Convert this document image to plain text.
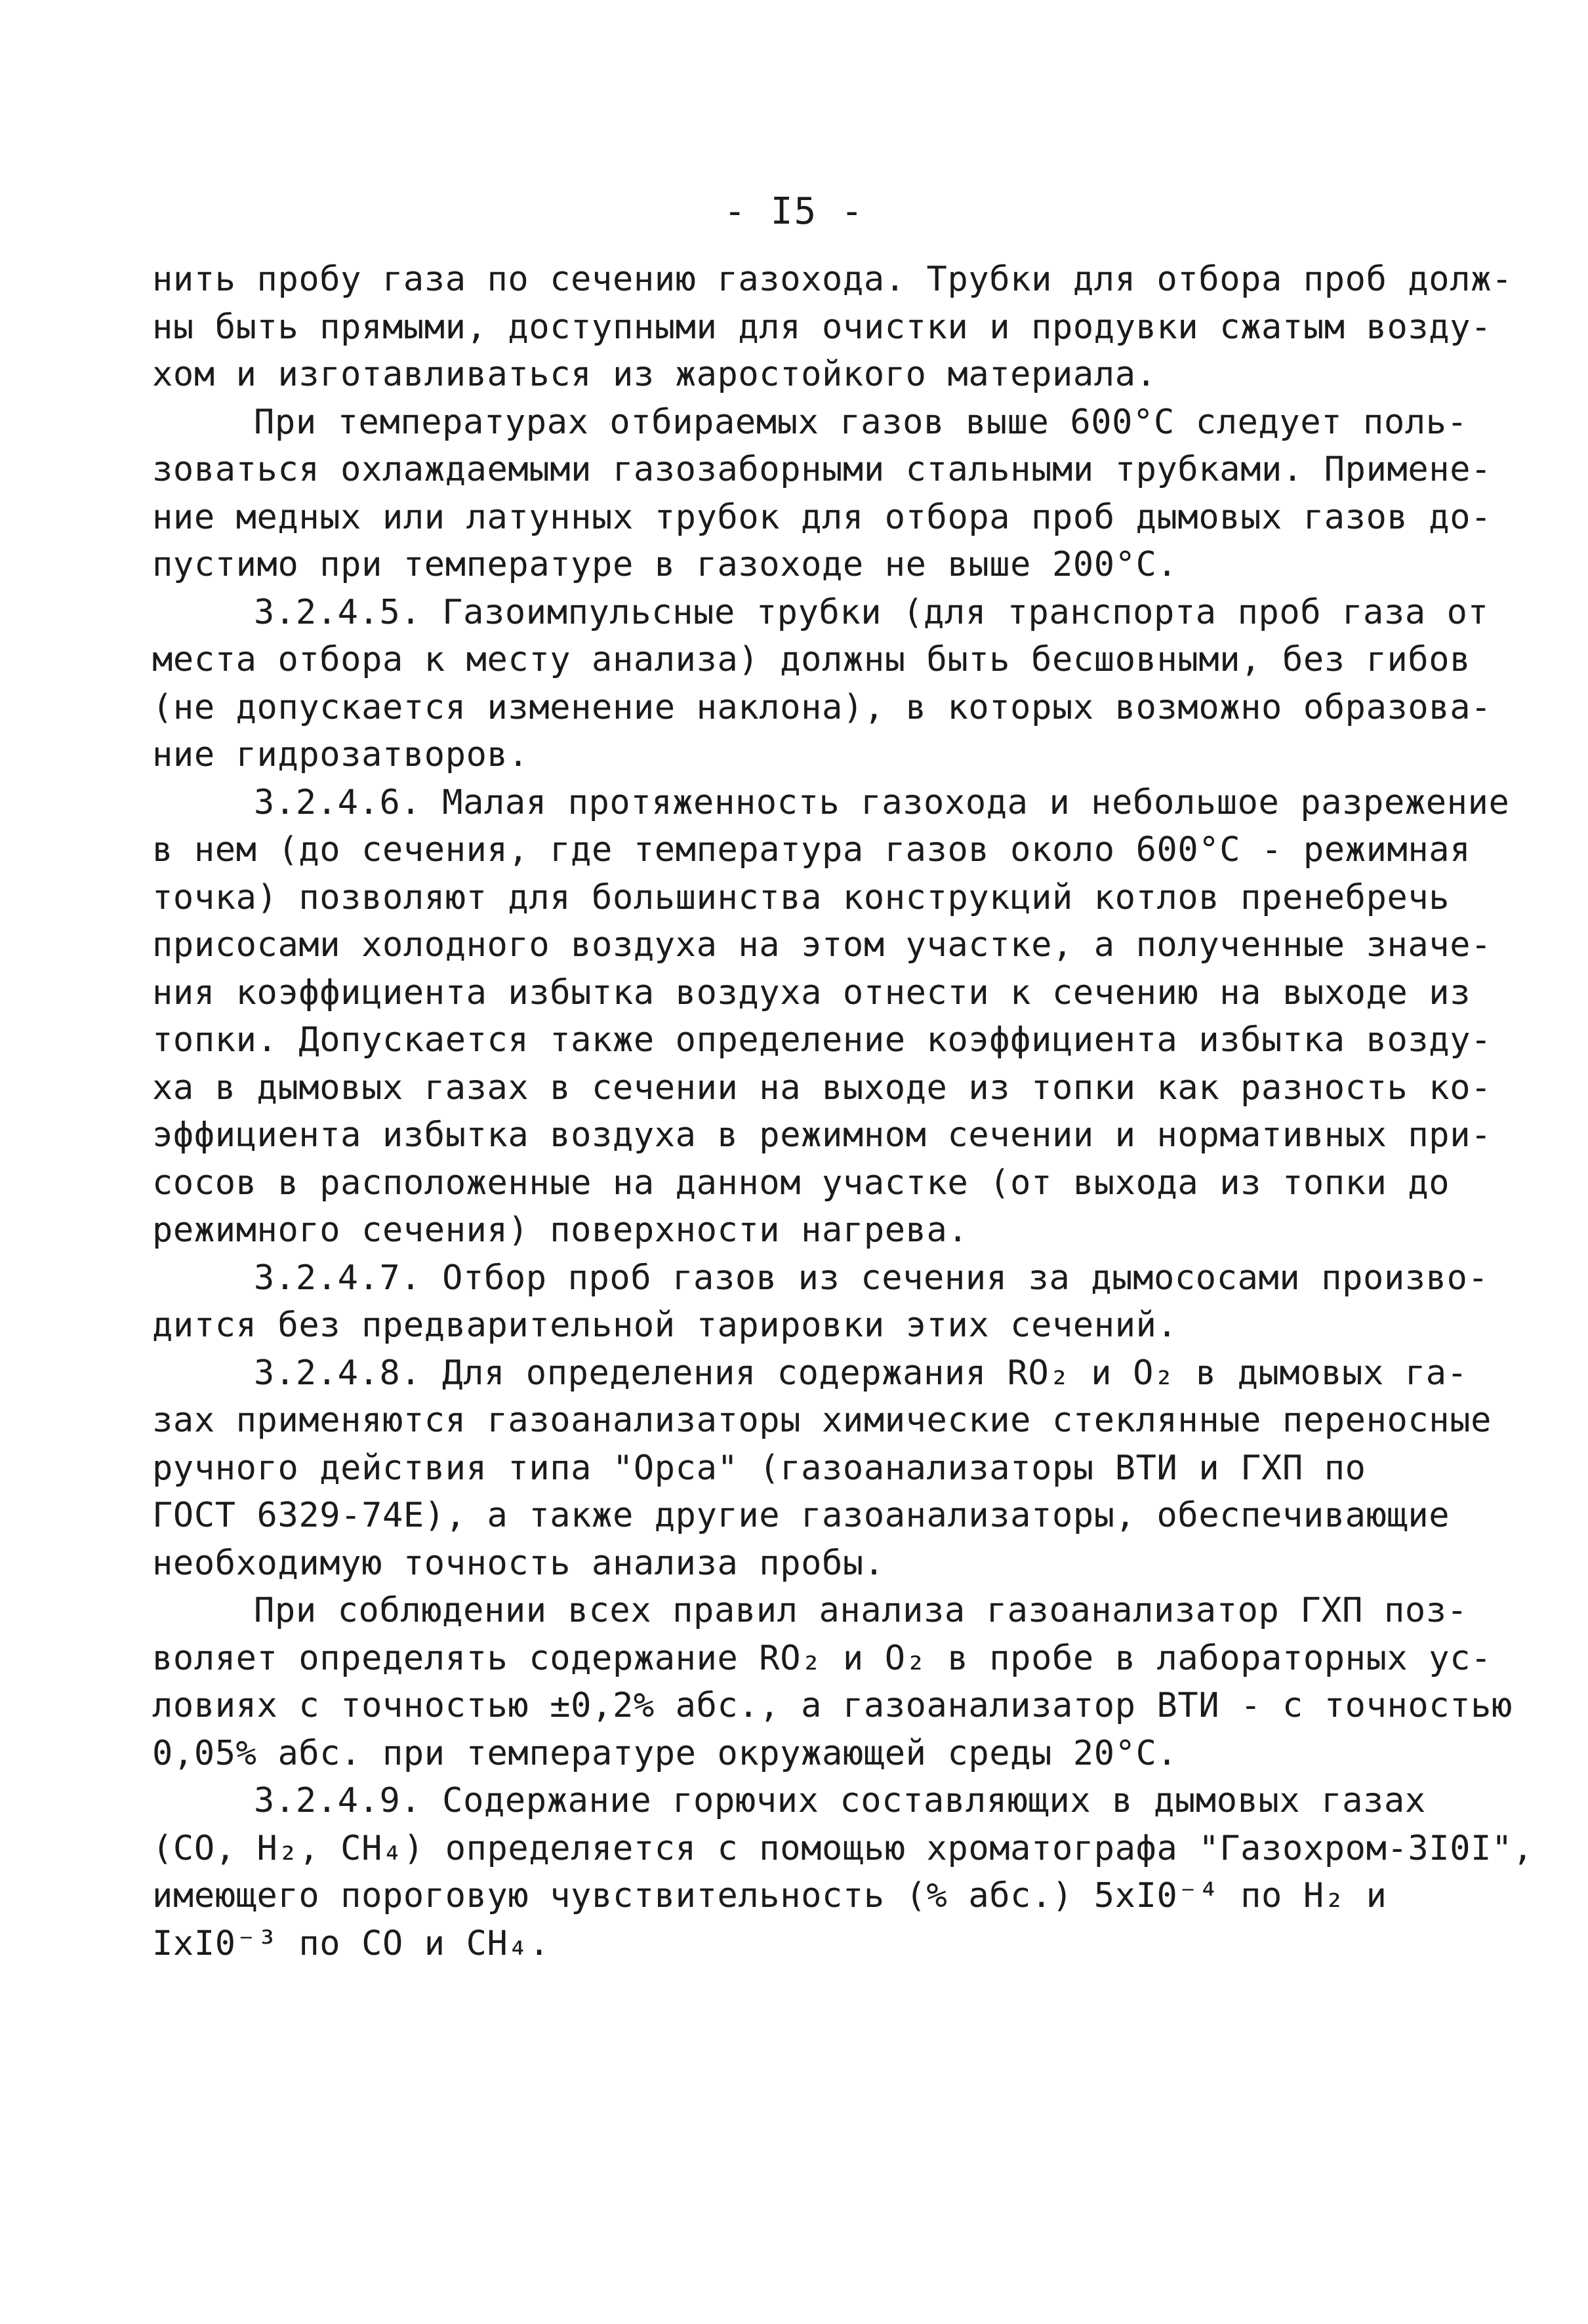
- I5 -
нить пробу газа по сечению газохода. Трубки для отбора проб долж-
ны быть прямыми, доступными для очистки и продувки сжатым возду-
хом и изготавливаться из жаростойкого материала.
При температурах отбираемых газов выше 600°С следует поль-
зоваться охлаждаемыми газозаборными стальными трубками. Примене-
ние медных или латунных трубок для отбора проб дымовых газов до-
пустимо при температуре в газоходе не выше 200°С.
3.2.4.5. Газоимпульсные трубки (для транспорта проб газа от
места отбора к месту анализа) должны быть бесшовными, без гибов
(не допускается изменение наклона), в которых возможно образова-
ние гидрозатворов.
3.2.4.6. Малая протяженность газохода и небольшое разрежение
в нем (до сечения, где температура газов около 600°С - режимная
точка) позволяют для большинства конструкций котлов пренебречь
присосами холодного воздуха на этом участке, а полученные значе-
ния коэффициента избытка воздуха отнести к сечению на выходе из
топки. Допускается также определение коэффициента избытка возду-
ха в дымовых газах в сечении на выходе из топки как разность ко-
эффициента избытка воздуха в режимном сечении и нормативных при-
сосов в расположенные на данном участке (от выхода из топки до
режимного сечения) поверхности нагрева.
3.2.4.7. Отбор проб газов из сечения за дымососами произво-
дится без предварительной тарировки этих сечений.
3.2.4.8. Для определения содержания RO₂ и O₂ в дымовых га-
зах применяются газоанализаторы химические стеклянные переносные
ручного действия типа "Орса" (газоанализаторы ВТИ и ГХП по
ГОСТ 6329-74Е), а также другие газоанализаторы, обеспечивающие
необходимую точность анализа пробы.
При соблюдении всех правил анализа газоанализатор ГХП поз-
воляет определять содержание RO₂ и O₂ в пробе в лабораторных ус-
ловиях с точностью ±0,2% абс., а газоанализатор ВТИ - с точностью
0,05% абс. при температуре окружающей среды 20°С.
3.2.4.9. Содержание горючих составляющих в дымовых газах
(CO, H₂, CH₄) определяется с помощью хроматографа "Газохром-3I0I",
имеющего пороговую чувствительность (% абс.) 5хI0⁻⁴ по H₂ и
IхI0⁻³ по CO и CH₄.
